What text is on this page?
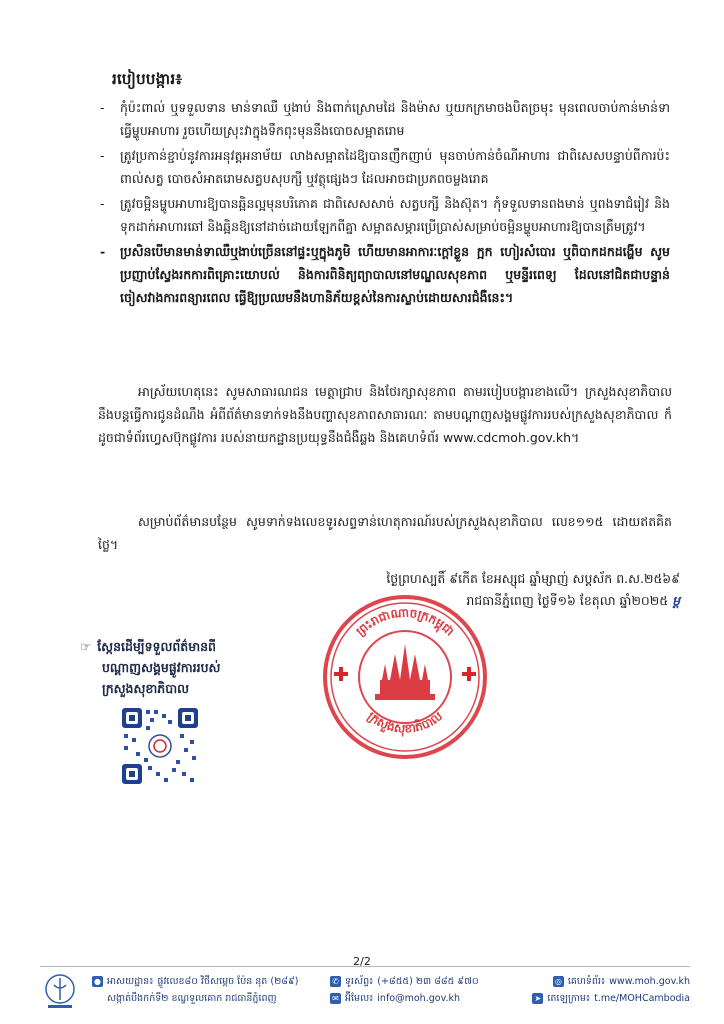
របៀបបង្ការ៖
- កុំប៉ះពាល់ ឬទទួលទាន មាន់ទាឈឺ ឬងាប់ និងពាក់ស្រោមដៃ និងម៉ាស ឬយកក្រមាចងបិតច្រមុះ មុនពេលចាប់កាន់មាន់ទាធ្វើម្ហូបអាហារ រួចហើយស្រុះវាក្នុងទឹកពុះមុននឹងបោចសម្អាតរោម
- ត្រូវប្រកាន់ខ្ជាប់នូវការអនុវត្តអនាម័យ លាងសម្អាតដៃឱ្យបានញឹកញាប់ មុនចាប់កាន់ចំណីអាហារ ជាពិសេសបន្ទាប់ពីការប៉ះពាល់សត្វ បោចសំអាតរោមសត្វបសុបក្សី ឬវត្ថុផ្សេងៗ ដែលអាចជាប្រភពចម្លងរោគ
- ត្រូវចម្អិនម្ហូបអាហារឱ្យបានឆ្អិនល្អមុនបរិភោគ ជាពិសេសសាច់ សត្វបក្សី និងស៊ុត។ កុំទទួលទានពងមាន់ ឬពងទាជំរៀវ និងទុកដាក់អាហារឆៅ និងឆ្អិនឱ្យនៅដាច់ដោយឡែកពីគ្នា សម្អាតសម្ភារប្រើប្រាស់សម្រាប់ចម្អិនម្ហូបអាហារឱ្យបានត្រឹមត្រូវ។
- ប្រសិនបើមានមាន់ទាឈឺឬងាប់ច្រើននៅផ្ទះឬក្នុងភូមិ ហើយមានអាការៈក្តៅខ្លួន ក្អក ហៀរសំបោរ ឬពិបាកដកដង្ហើម សូមប្រញាប់ស្វែងរកការពិគ្រោះយោបល់ និងការពិនិត្យព្យាបាលនៅមណ្ឌលសុខភាព ឬមន្ទីរពេទ្យ ដែលនៅជិតជាបន្ទាន់ ចៀសវាងការពន្យារពេល ធ្វើឱ្យប្រឈមនឹងហានិភ័យខ្ពស់នៃការស្លាប់ដោយសារជំងឺនេះ។
អាស្រ័យហេតុនេះ សូមសាធារណជន មេត្តាជ្រាប និងថែរក្សាសុខភាព តាមរបៀបបង្ការខាងលើ។ ក្រសួងសុខាភិបាលនឹងបន្តធ្វើការជូនដំណឹង អំពីព័ត៌មានទាក់ទងនឹងបញ្ហាសុខភាពសាធារណៈ តាមបណ្តាញសង្គមផ្លូវការរបស់ក្រសួងសុខាភិបាល ក៏ដូចជាទំព័រហ្វេសប៊ុកផ្លូវការ របស់នាយកដ្ឋានប្រយុទ្ធនឹងជំងឺឆ្លង និងគេហទំព័រ www.cdcmoh.gov.kh។
សម្រាប់ព័ត៌មានបន្ថែម សូមទាក់ទងលេខទូរសព្ទទាន់ហេតុការណ៍របស់ក្រសួងសុខាភិបាល លេខ១១៥ ដោយឥតគិតថ្លៃ។
ថ្ងៃព្រហស្បតិ៍ ៩កើត ខែអស្សុជ ឆ្នាំម្សាញ់ សប្តស័ក ព.ស.២៥៦៩
រាជធានីភ្នំពេញ ថ្ងៃទី១៦ ខែតុលា ឆ្នាំ២០២៥ ម្ដ
ព្រះរាជាណាចក្រកម្ពុជា
ក្រសួងសុខាភិបាល
☞ ស្កែនដើម្បីទទួលព័ត៌មានពី
បណ្តាញសង្គមផ្លូវការរបស់
ក្រសួងសុខាភិបាល
2/2
● អាសយដ្ឋាន៖ ផ្លូវលេខ៨០ វិថីសម្តេច ប៉ែន នុត (២៨៩)
សង្កាត់បឹងកក់ទី២ ខណ្ឌទួលគោក រាជធានីភ្នំពេញ
✆ ទូរស័ព្ទ៖ (+៨៥៥) ២៣ ៨៨៥ ៩៧០
✉ អ៊ីមែល៖ info@moh.gov.kh
◎ គេហទំព័រ៖ www.moh.gov.kh
➤ តេឡេក្រាម៖ t.me/MOHCambodia
